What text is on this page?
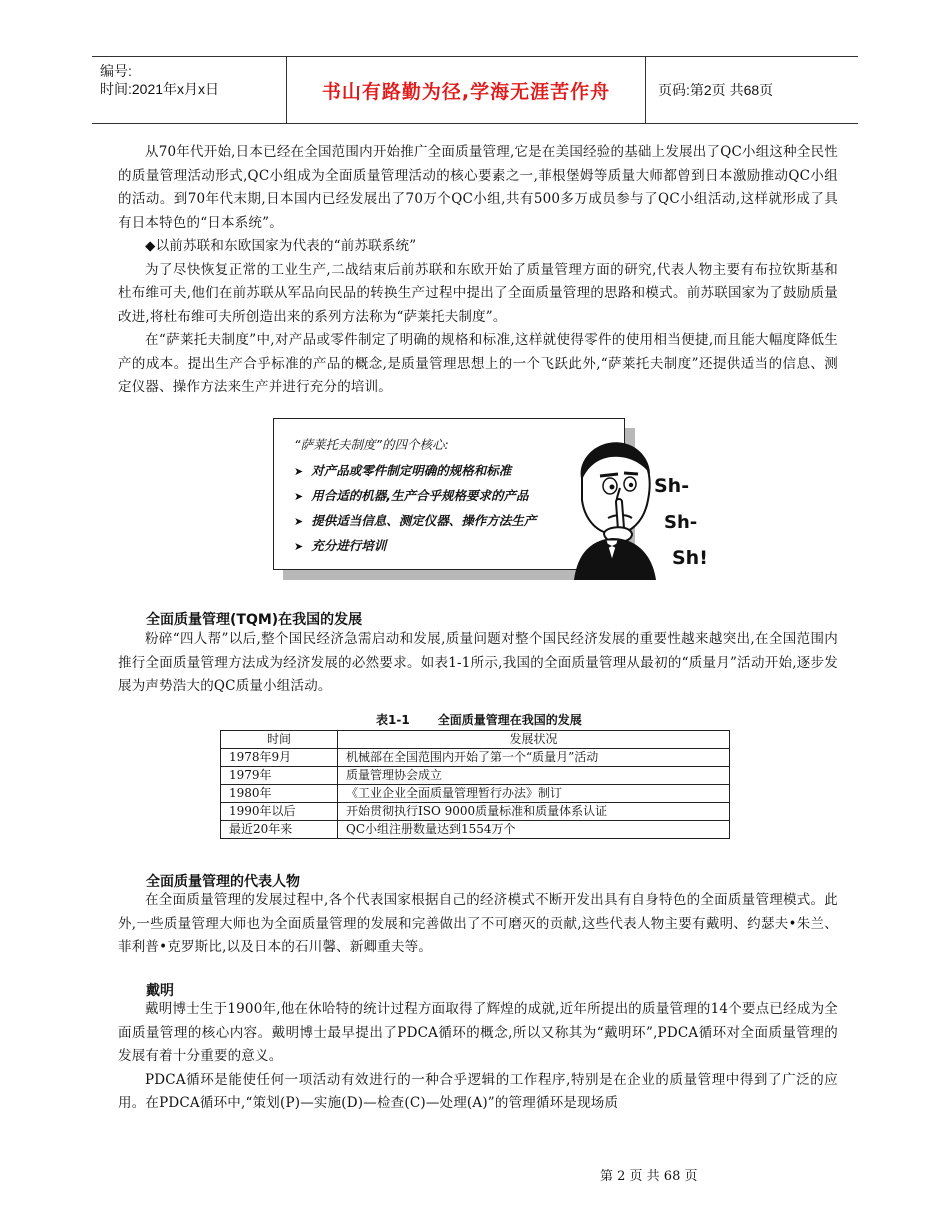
编号:
时间:2021年x月x日	书山有路勤为径,学海无涯苦作舟	页码:第2页 共68页

从70年代开始,日本已经在全国范围内开始推广全面质量管理,它是在美国经验的基础上发展出了QC小组这种全民性的质量管理活动形式,QC小组成为全面质量管理活动的核心要素之一,菲根堡姆等质量大师都曾到日本激励推动QC小组的活动。到70年代末期,日本国内已经发展出了70万个QC小组,共有500多万成员参与了QC小组活动,这样就形成了具有日本特色的“日本系统”。

◆以前苏联和东欧国家为代表的“前苏联系统”

为了尽快恢复正常的工业生产,二战结束后前苏联和东欧开始了质量管理方面的研究,代表人物主要有布拉钦斯基和杜布维可夫,他们在前苏联从军品向民品的转换生产过程中提出了全面质量管理的思路和模式。前苏联国家为了鼓励质量改进,将杜布维可夫所创造出来的系列方法称为“萨莱托夫制度”。

在“萨莱托夫制度”中,对产品或零件制定了明确的规格和标准,这样就使得零件的使用相当便捷,而且能大幅度降低生产的成本。提出生产合乎标准的产品的概念,是质量管理思想上的一个飞跃此外,“萨莱托夫制度”还提供适当的信息、测定仪器、操作方法来生产并进行充分的培训。

“萨莱托夫制度”的四个核心:
➤ 对产品或零件制定明确的规格和标准
➤ 用合适的机器,生产合乎规格要求的产品
➤ 提供适当信息、测定仪器、操作方法生产
➤ 充分进行培训
Sh-
Sh-
Sh!
全面质量管理(TQM)在我国的发展

粉碎“四人帮”以后,整个国民经济急需启动和发展,质量问题对整个国民经济发展的重要性越来越突出,在全国范围内推行全面质量管理方法成为经济发展的必然要求。如表1-1所示,我国的全面质量管理从最初的“质量月”活动开始,逐步发展为声势浩大的QC质量小组活动。

表1-1 全面质量管理在我国的发展
时间	发展状况
1978年9月	机械部在全国范围内开始了第一个“质量月”活动
1979年	质量管理协会成立
1980年	《工业企业全面质量管理暂行办法》制订
1990年以后	开始贯彻执行ISO 9000质量标准和质量体系认证
最近20年来	QC小组注册数量达到1554万个
全面质量管理的代表人物

在全面质量管理的发展过程中,各个代表国家根据自己的经济模式不断开发出具有自身特色的全面质量管理模式。此外,一些质量管理大师也为全面质量管理的发展和完善做出了不可磨灭的贡献,这些代表人物主要有戴明、约瑟夫•朱兰、菲利普•克罗斯比,以及日本的石川馨、新卿重夫等。

戴明

戴明博士生于1900年,他在休哈特的统计过程方面取得了辉煌的成就,近年所提出的质量管理的14个要点已经成为全面质量管理的核心内容。戴明博士最早提出了PDCA循环的概念,所以又称其为“戴明环”,PDCA循环对全面质量管理的发展有着十分重要的意义。

PDCA循环是能使任何一项活动有效进行的一种合乎逻辑的工作程序,特别是在企业的质量管理中得到了广泛的应用。在PDCA循环中,“策划(P)—实施(D)—检查(C)—处理(A)”的管理循环是现场质

第 2 页 共 68 页
